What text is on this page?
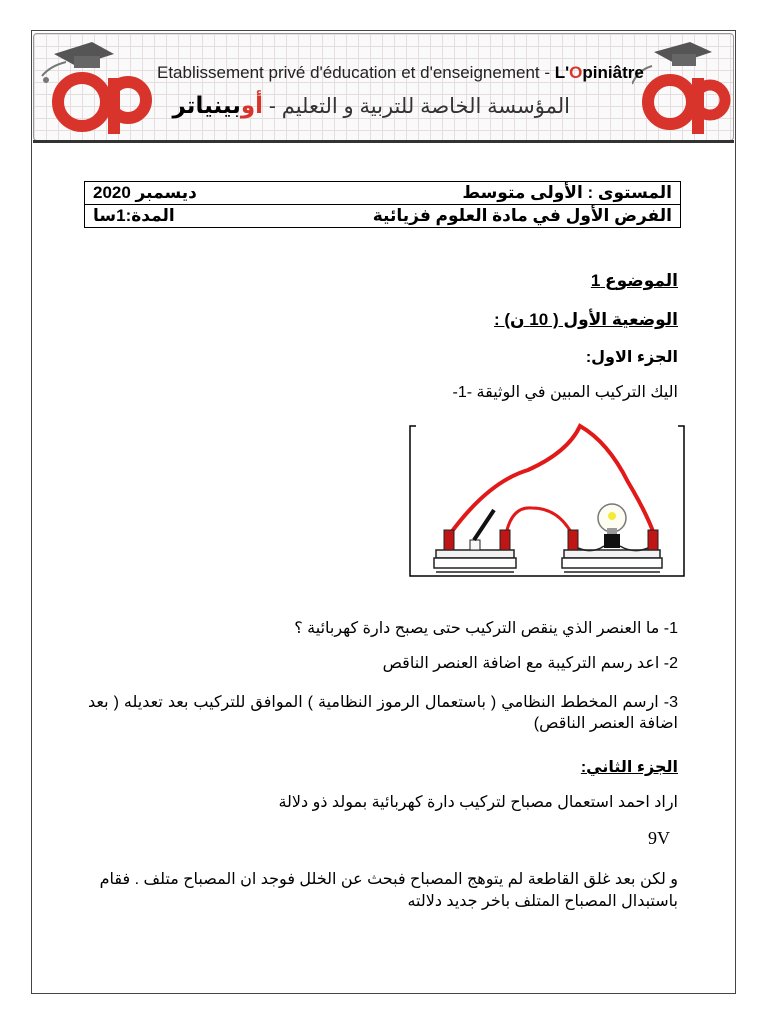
Etablissement privé d'éducation et d'enseignement - L'Opiniâtre
المؤسسة الخاصة للتربية و التعليم - أوبينياتر
المستوى : الأولى متوسط
ديسمبر 2020

الفرض الأول في مادة العلوم فزيائية
المدة:1سا
الموضوع 1
الوضعية الأول ( 10 ن) :
الجزء الاول:
اليك التركيب المبين في الوثيقة -1-
1- ما العنصر الذي ينقص التركيب حتى يصبح دارة كهربائية ؟
2- اعد رسم التركيبة مع اضافة العنصر الناقص
3- ارسم المخطط النظامي ( باستعمال الرموز النظامية ) الموافق للتركيب بعد تعديله ( بعد اضافة العنصر الناقص)
الجزء الثاني:
اراد احمد استعمال مصباح لتركيب دارة كهربائية بمولد ذو دلالة
9V
و لكن بعد غلق القاطعة لم يتوهج المصباح فبحث عن الخلل فوجد ان المصباح متلف . فقام باستبدال المصباح المتلف باخر جديد دلالته
